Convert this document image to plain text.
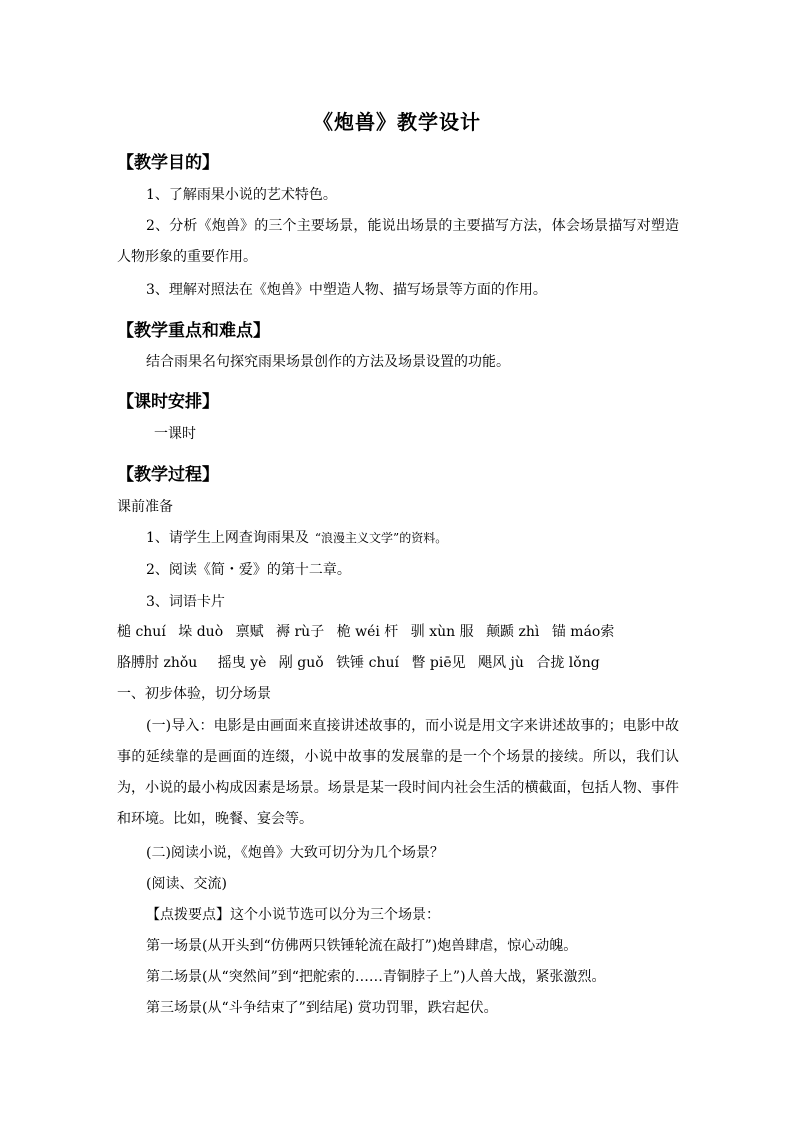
《炮兽》教学设计
【教学目的】
1、了解雨果小说的艺术特色。
2、分析《炮兽》的三个主要场景，能说出场景的主要描写方法，体会场景描写对塑造人物形象的重要作用。
3、理解对照法在《炮兽》中塑造人物、描写场景等方面的作用。
【教学重点和难点】
结合雨果名句探究雨果场景创作的方法及场景设置的功能。
【课时安排】
一课时
【教学过程】
课前准备
1、请学生上网查询雨果及 “浪漫主义文学”的资料。
2、阅读《简・爱》的第十二章。
3、词语卡片
槌 chuí 垛 duò 禀赋 褥 rù子 桅 wéi 杆 驯 xùn 服 颠踬 zhì 锚 máo索
胳膊肘 zhǒu 摇曳 yè 剐 guǒ 铁锤 chuí 瞥 piē见 飓风 jù 合拢 lǒng
一、初步体验，切分场景
(一)导入：电影是由画面来直接讲述故事的，而小说是用文字来讲述故事的；电影中故事的延续靠的是画面的连缀，小说中故事的发展靠的是一个个场景的接续。所以，我们认为，小说的最小构成因素是场景。场景是某一段时间内社会生活的横截面，包括人物、事件和环境。比如，晚餐、宴会等。
(二)阅读小说，《炮兽》大致可切分为几个场景？
(阅读、交流)
【点拨要点】这个小说节选可以分为三个场景：
第一场景(从开头到“仿佛两只铁锤轮流在敲打”)炮兽肆虐，惊心动魄。
第二场景(从“突然间”到“把舵索的……青铜脖子上”)人兽大战，紧张激烈。
第三场景(从“斗争结束了”到结尾) 赏功罚罪，跌宕起伏。
